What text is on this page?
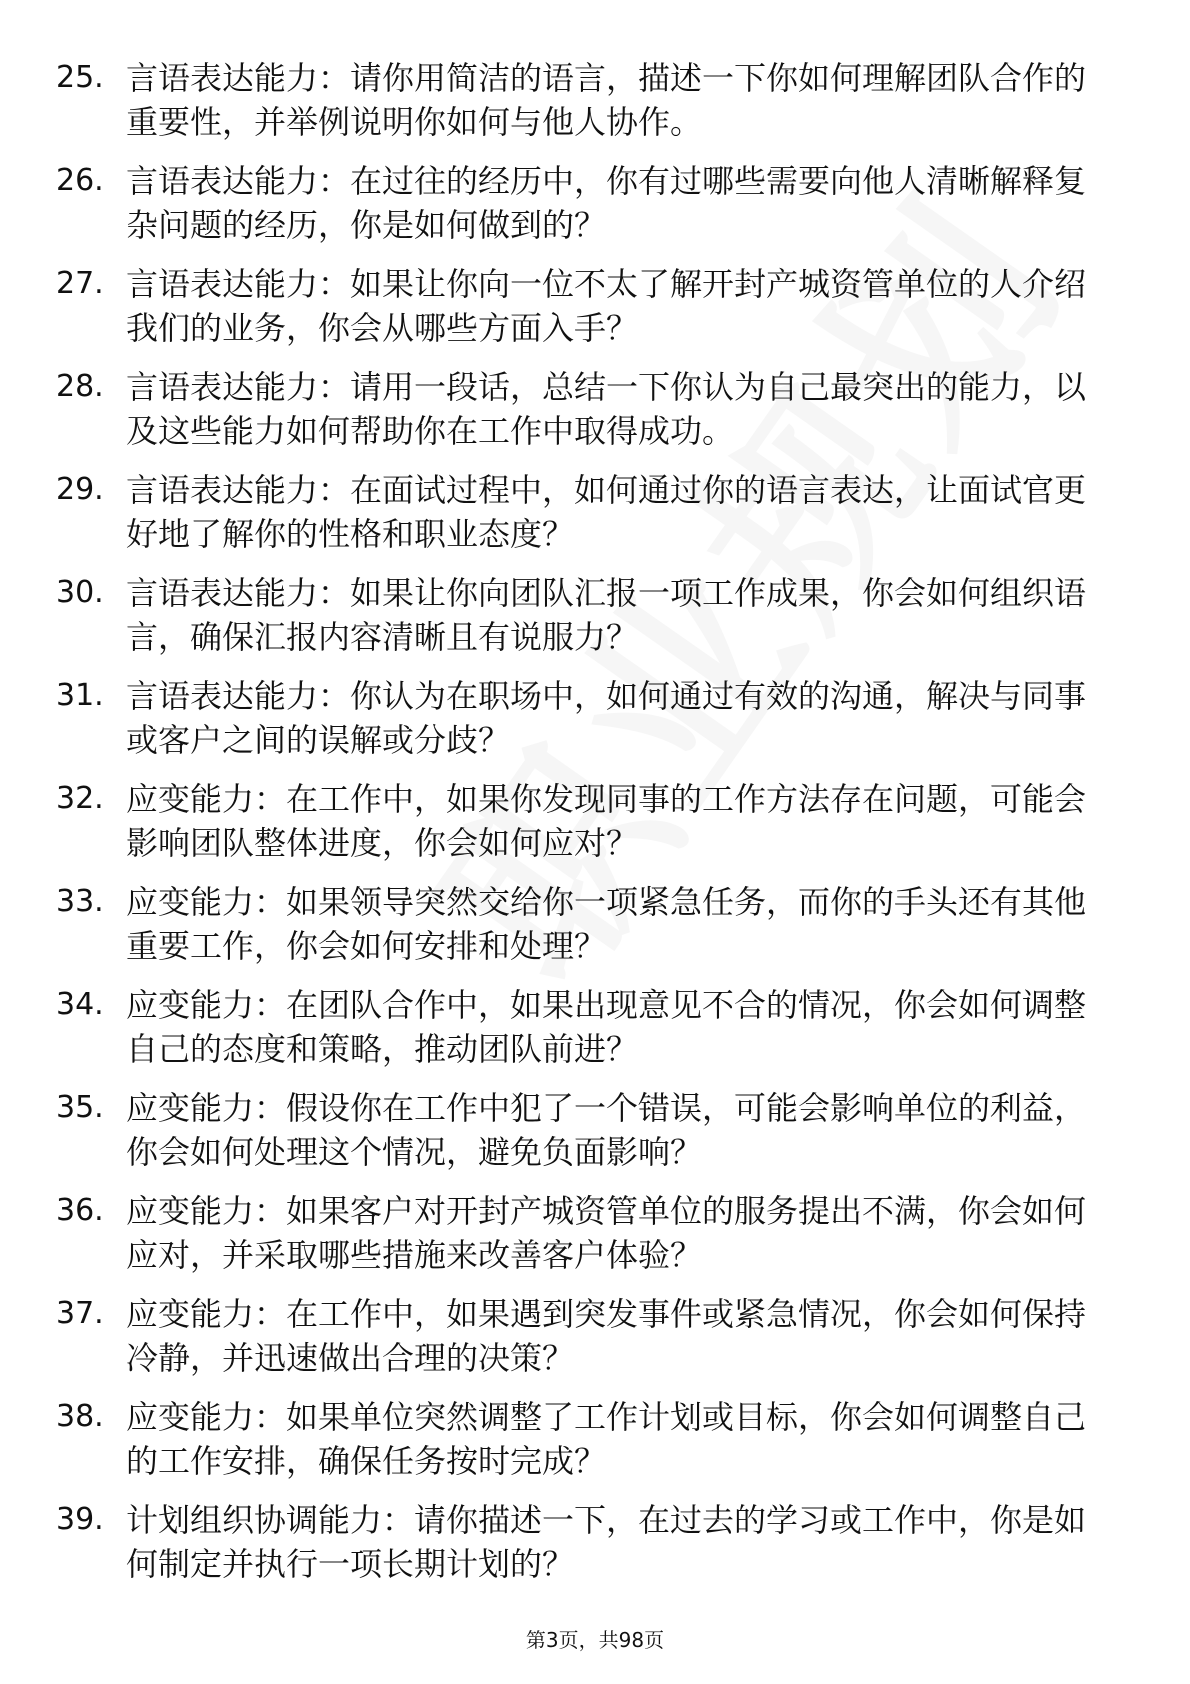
25. 言语表达能力：请你用简洁的语言，描述一下你如何理解团队合作的重要性，并举例说明你如何与他人协作。
26. 言语表达能力：在过往的经历中，你有过哪些需要向他人清晰解释复杂问题的经历，你是如何做到的？
27. 言语表达能力：如果让你向一位不太了解开封产城资管单位的人介绍我们的业务，你会从哪些方面入手？
28. 言语表达能力：请用一段话，总结一下你认为自己最突出的能力，以及这些能力如何帮助你在工作中取得成功。
29. 言语表达能力：在面试过程中，如何通过你的语言表达，让面试官更好地了解你的性格和职业态度？
30. 言语表达能力：如果让你向团队汇报一项工作成果，你会如何组织语言，确保汇报内容清晰且有说服力？
31. 言语表达能力：你认为在职场中，如何通过有效的沟通，解决与同事或客户之间的误解或分歧？
32. 应变能力：在工作中，如果你发现同事的工作方法存在问题，可能会影响团队整体进度，你会如何应对？
33. 应变能力：如果领导突然交给你一项紧急任务，而你的手头还有其他重要工作，你会如何安排和处理？
34. 应变能力：在团队合作中，如果出现意见不合的情况，你会如何调整自己的态度和策略，推动团队前进？
35. 应变能力：假设你在工作中犯了一个错误，可能会影响单位的利益，你会如何处理这个情况，避免负面影响？
36. 应变能力：如果客户对开封产城资管单位的服务提出不满，你会如何应对，并采取哪些措施来改善客户体验？
37. 应变能力：在工作中，如果遇到突发事件或紧急情况，你会如何保持冷静，并迅速做出合理的决策？
38. 应变能力：如果单位突然调整了工作计划或目标，你会如何调整自己的工作安排，确保任务按时完成？
39. 计划组织协调能力：请你描述一下，在过去的学习或工作中，你是如何制定并执行一项长期计划的？
第3页，共98页
